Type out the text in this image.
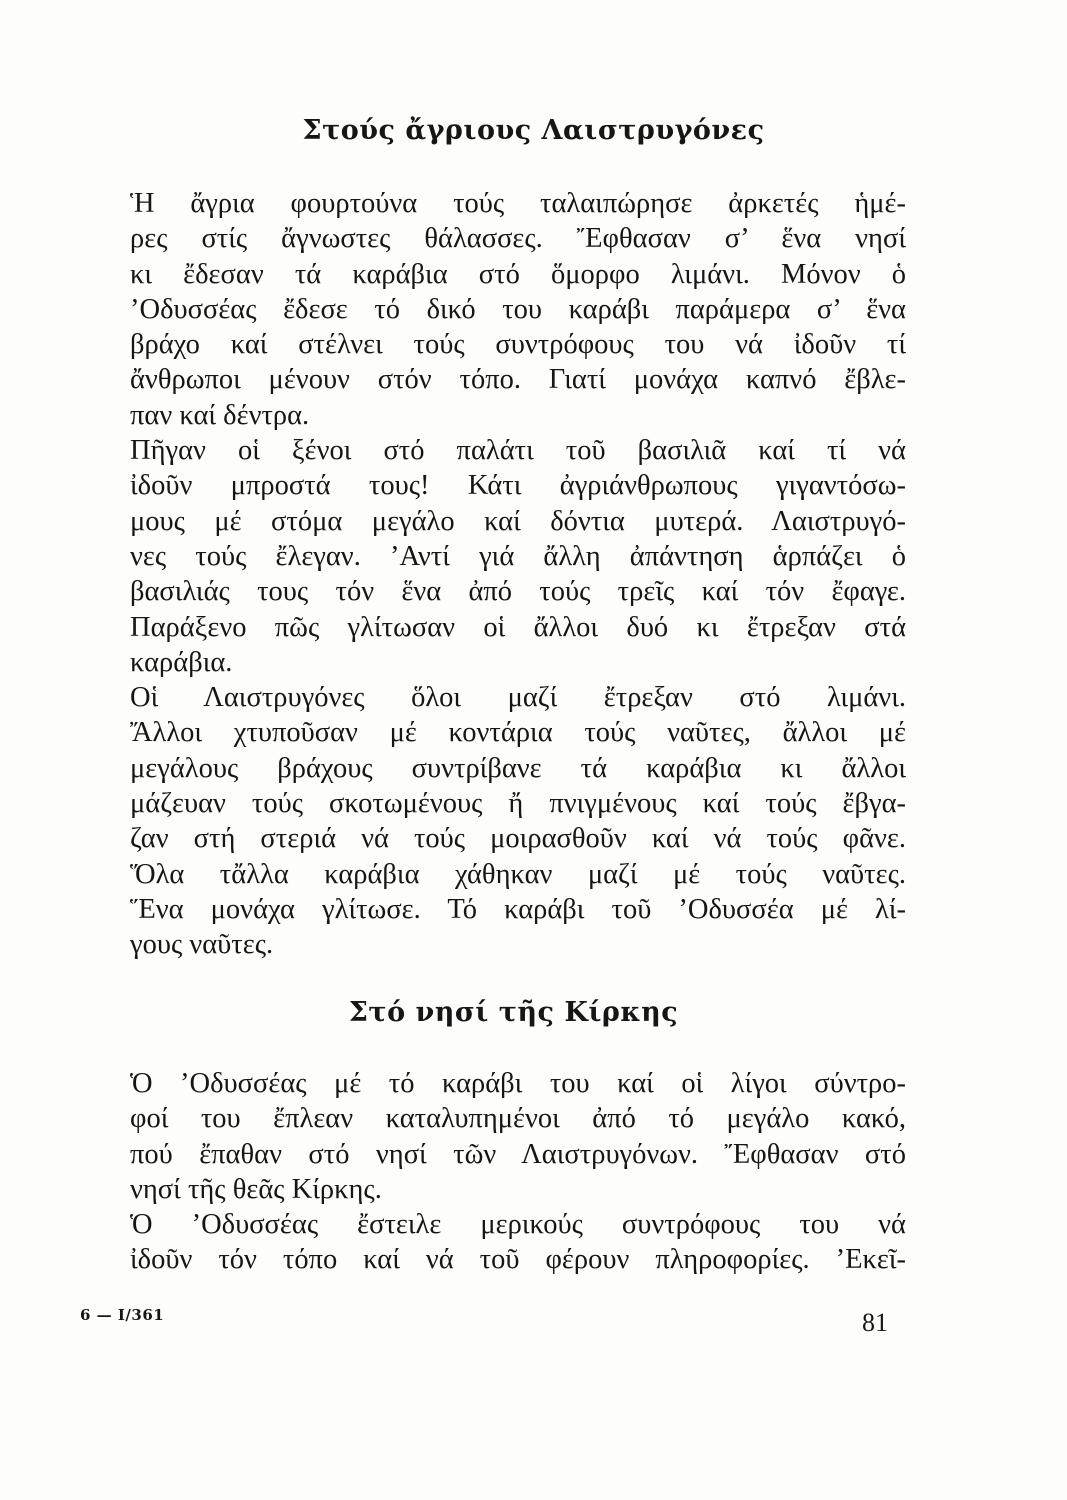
Στούς ἄγριους Λαιστρυγόνες

Ἡ ἄγρια φουρτούνα τούς ταλαιπώρησε ἀρκετές ἡμέ-
ρες στίς ἄγνωστες θάλασσες. Ἔφθασαν σ’ ἕνα νησί
κι ἔδεσαν τά καράβια στό ὅμορφο λιμάνι. Μόνον ὁ
’Οδυσσέας ἔδεσε τό δικό του καράβι παράμερα σ’ ἕνα
βράχο καί στέλνει τούς συντρόφους του νά ἰδοῦν τί
ἄνθρωποι μένουν στόν τόπο. Γιατί μονάχα καπνό ἔβλε-
παν καί δέντρα.

Πῆγαν οἱ ξένοι στό παλάτι τοῦ βασιλιᾶ καί τί νά
ἰδοῦν μπροστά τους! Κάτι ἀγριάνθρωπους γιγαντόσω-
μους μέ στόμα μεγάλο καί δόντια μυτερά. Λαιστρυγό-
νες τούς ἔλεγαν. ’Αντί γιά ἄλλη ἀπάντηση ἁρπάζει ὁ
βασιλιάς τους τόν ἕνα ἀπό τούς τρεῖς καί τόν ἔφαγε.
Παράξενο πῶς γλίτωσαν οἱ ἄλλοι δυό κι ἔτρεξαν στά
καράβια.

Οἱ Λαιστρυγόνες ὅλοι μαζί ἔτρεξαν στό λιμάνι.
Ἄλλοι χτυποῦσαν μέ κοντάρια τούς ναῦτες, ἄλλοι μέ
μεγάλους βράχους συντρίβανε τά καράβια κι ἄλλοι
μάζευαν τούς σκοτωμένους ἤ πνιγμένους καί τούς ἔβγα-
ζαν στή στεριά νά τούς μοιρασθοῦν καί νά τούς φᾶνε.

Ὅλα τἄλλα καράβια χάθηκαν μαζί μέ τούς ναῦτες.
Ἕνα μονάχα γλίτωσε. Τό καράβι τοῦ ’Οδυσσέα μέ λί-
γους ναῦτες.

Στό νησί τῆς Κίρκης

Ὁ ’Οδυσσέας μέ τό καράβι του καί οἱ λίγοι σύντρο-
φοί του ἔπλεαν καταλυπημένοι ἀπό τό μεγάλο κακό,
πού ἔπαθαν στό νησί τῶν Λαιστρυγόνων. Ἔφθασαν στό
νησί τῆς θεᾶς Κίρκης.

Ὁ ’Οδυσσέας ἔστειλε μερικούς συντρόφους του νά
ἰδοῦν τόν τόπο καί νά τοῦ φέρουν πληροφορίες. ’Εκεῖ-

6 — I/361	81
